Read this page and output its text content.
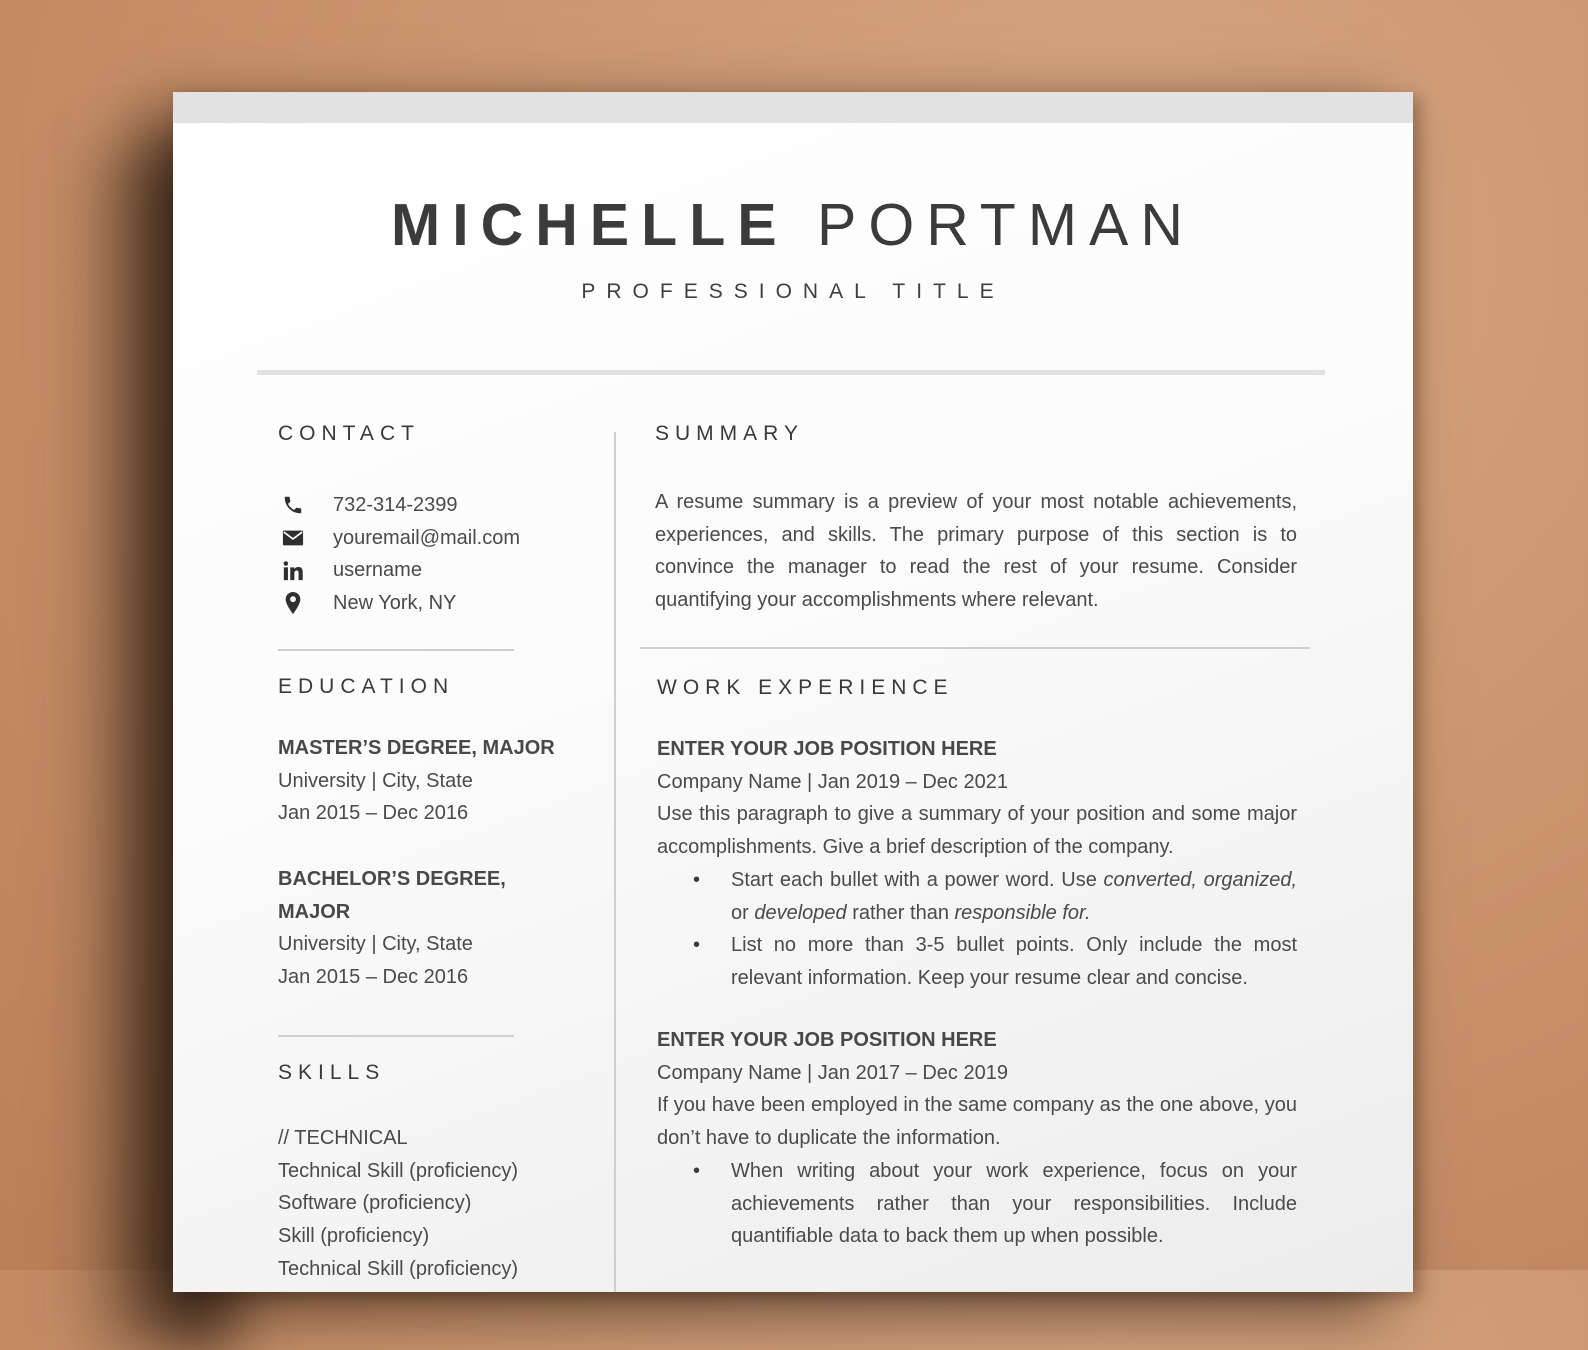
MICHELLE PORTMAN
PROFESSIONAL TITLE
CONTACT
732-314-2399
youremail@mail.com
username
New York, NY
EDUCATION
MASTER’S DEGREE, MAJOR
University | City, State
Jan 2015 – Dec 2016
BACHELOR’S DEGREE, MAJOR
University | City, State
Jan 2015 – Dec 2016
SKILLS
// TECHNICAL
Technical Skill (proficiency)
Software (proficiency)
Skill (proficiency)
Technical Skill (proficiency)
SUMMARY

A resume summary is a preview of your most notable achievements, experiences, and skills. The primary purpose of this section is to convince the manager to read the rest of your resume. Consider quantifying your accomplishments where relevant.

WORK EXPERIENCE

ENTER YOUR JOB POSITION HERE

Company Name | Jan 2019 – Dec 2021

Use this paragraph to give a summary of your position and some major accomplishments. Give a brief description of the company.

• Start each bullet with a power word. Use converted, organized, or developed rather than responsible for.
• List no more than 3-5 bullet points. Only include the most relevant information. Keep your resume clear and concise.

ENTER YOUR JOB POSITION HERE

Company Name | Jan 2017 – Dec 2019

If you have been employed in the same company as the one above, you don’t have to duplicate the information.

• When writing about your work experience, focus on your achievements rather than your responsibilities. Include quantifiable data to back them up when possible.
